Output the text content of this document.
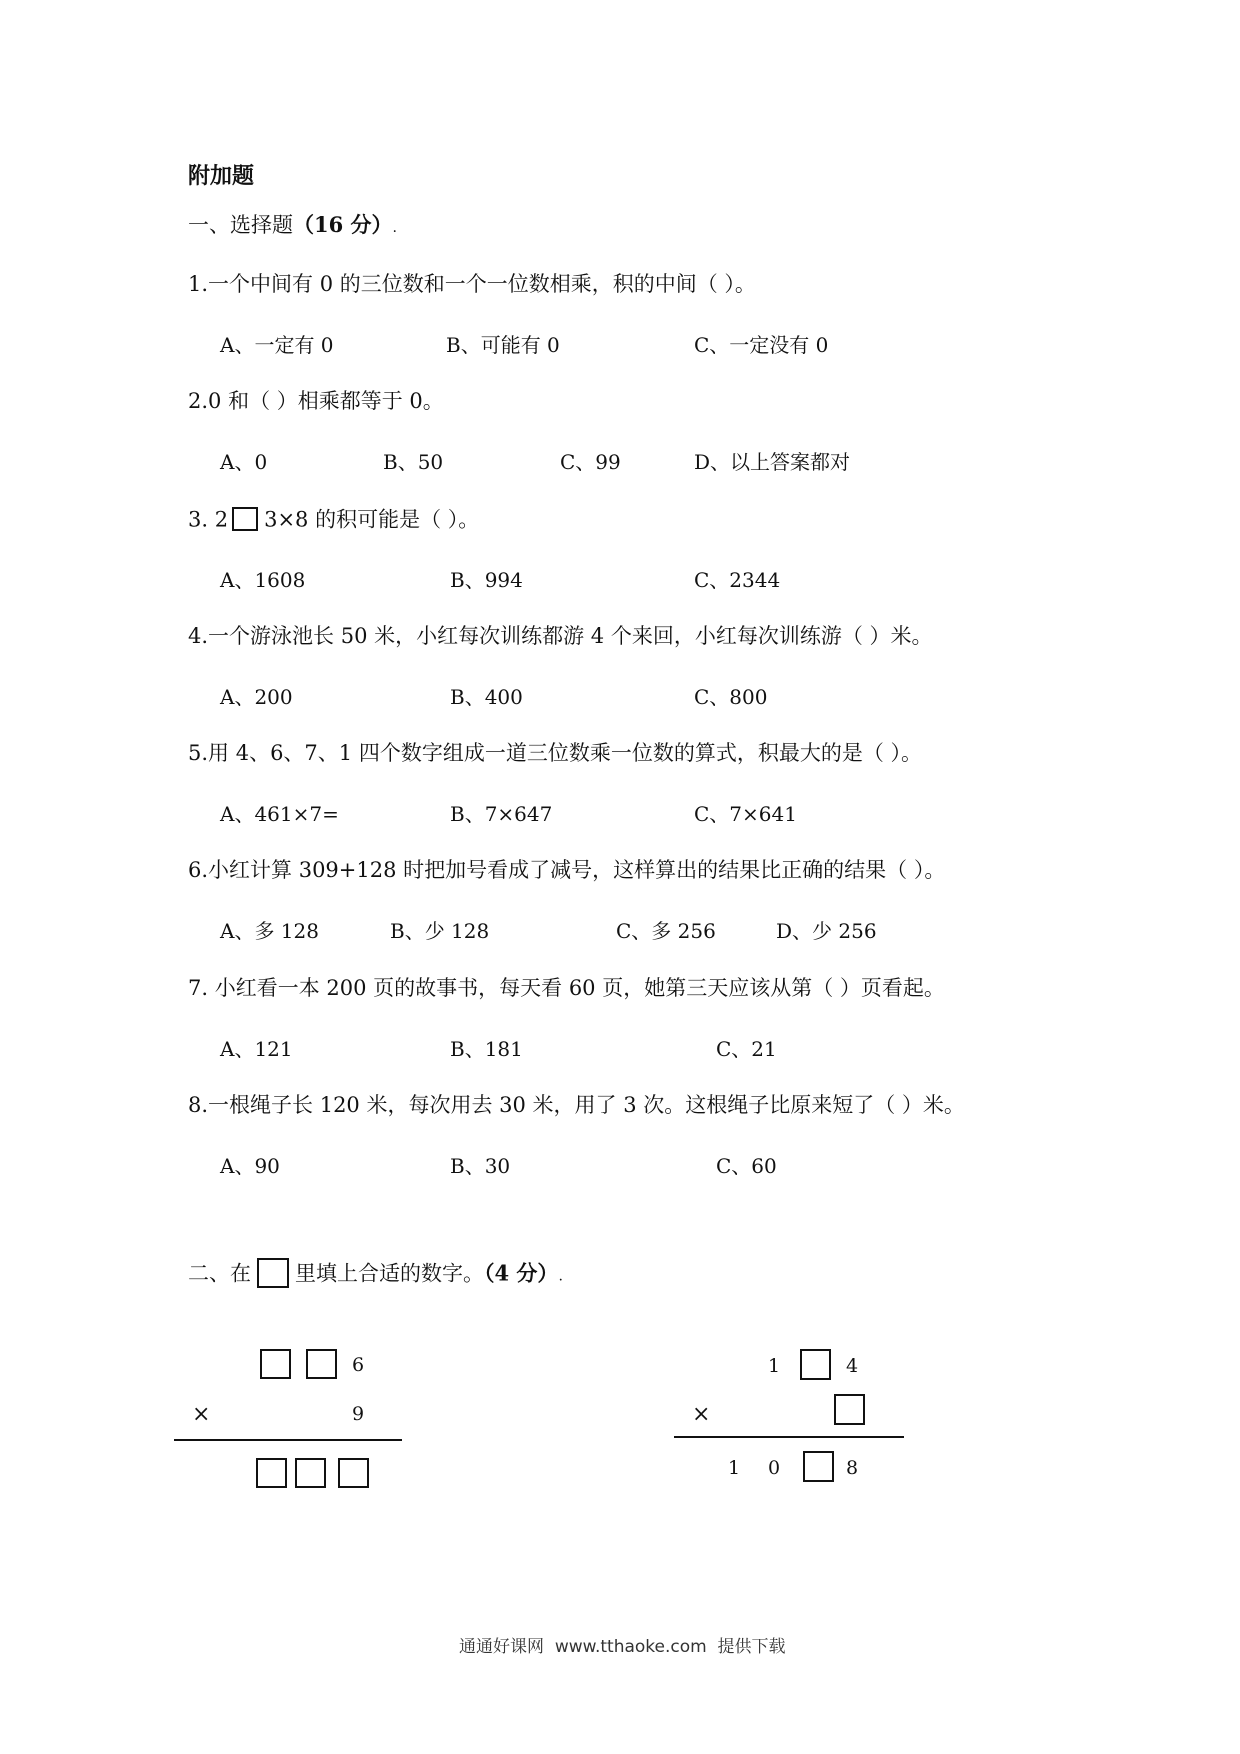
附加题
一、选择题（16 分）.
1.一个中间有 0 的三位数和一个一位数相乘，积的中间（ ）。
A、一定有 0	B、可能有 0	C、一定没有 0
2.0 和（ ）相乘都等于 0。
A、0	B、50	C、99	D、以上答案都对
3. 2 3×8 的积可能是（ ）。
A、1608	B、994	C、2344
4.一个游泳池长 50 米，小红每次训练都游 4 个来回，小红每次训练游（ ）米。
A、200	B、400	C、800
5.用 4、6、7、1 四个数字组成一道三位数乘一位数的算式，积最大的是（ ）。
A、461×7=	B、7×647	C、7×641
6.小红计算 309+128 时把加号看成了减号，这样算出的结果比正确的结果（ ）。
A、多 128	B、少 128	C、多 256	D、少 256
7. 小红看一本 200 页的故事书，每天看 60 页，她第三天应该从第（ ）页看起。
A、121	B、181	C、21
8.一根绳子长 120 米，每次用去 30 米，用了 3 次。这根绳子比原来短了（ ）米。
A、90	B、30	C、60
二、在 里填上合适的数字。（4 分）.
6
×	9
1	4
×
1 0	8
通通好课网 www.tthaoke.com 提供下载
